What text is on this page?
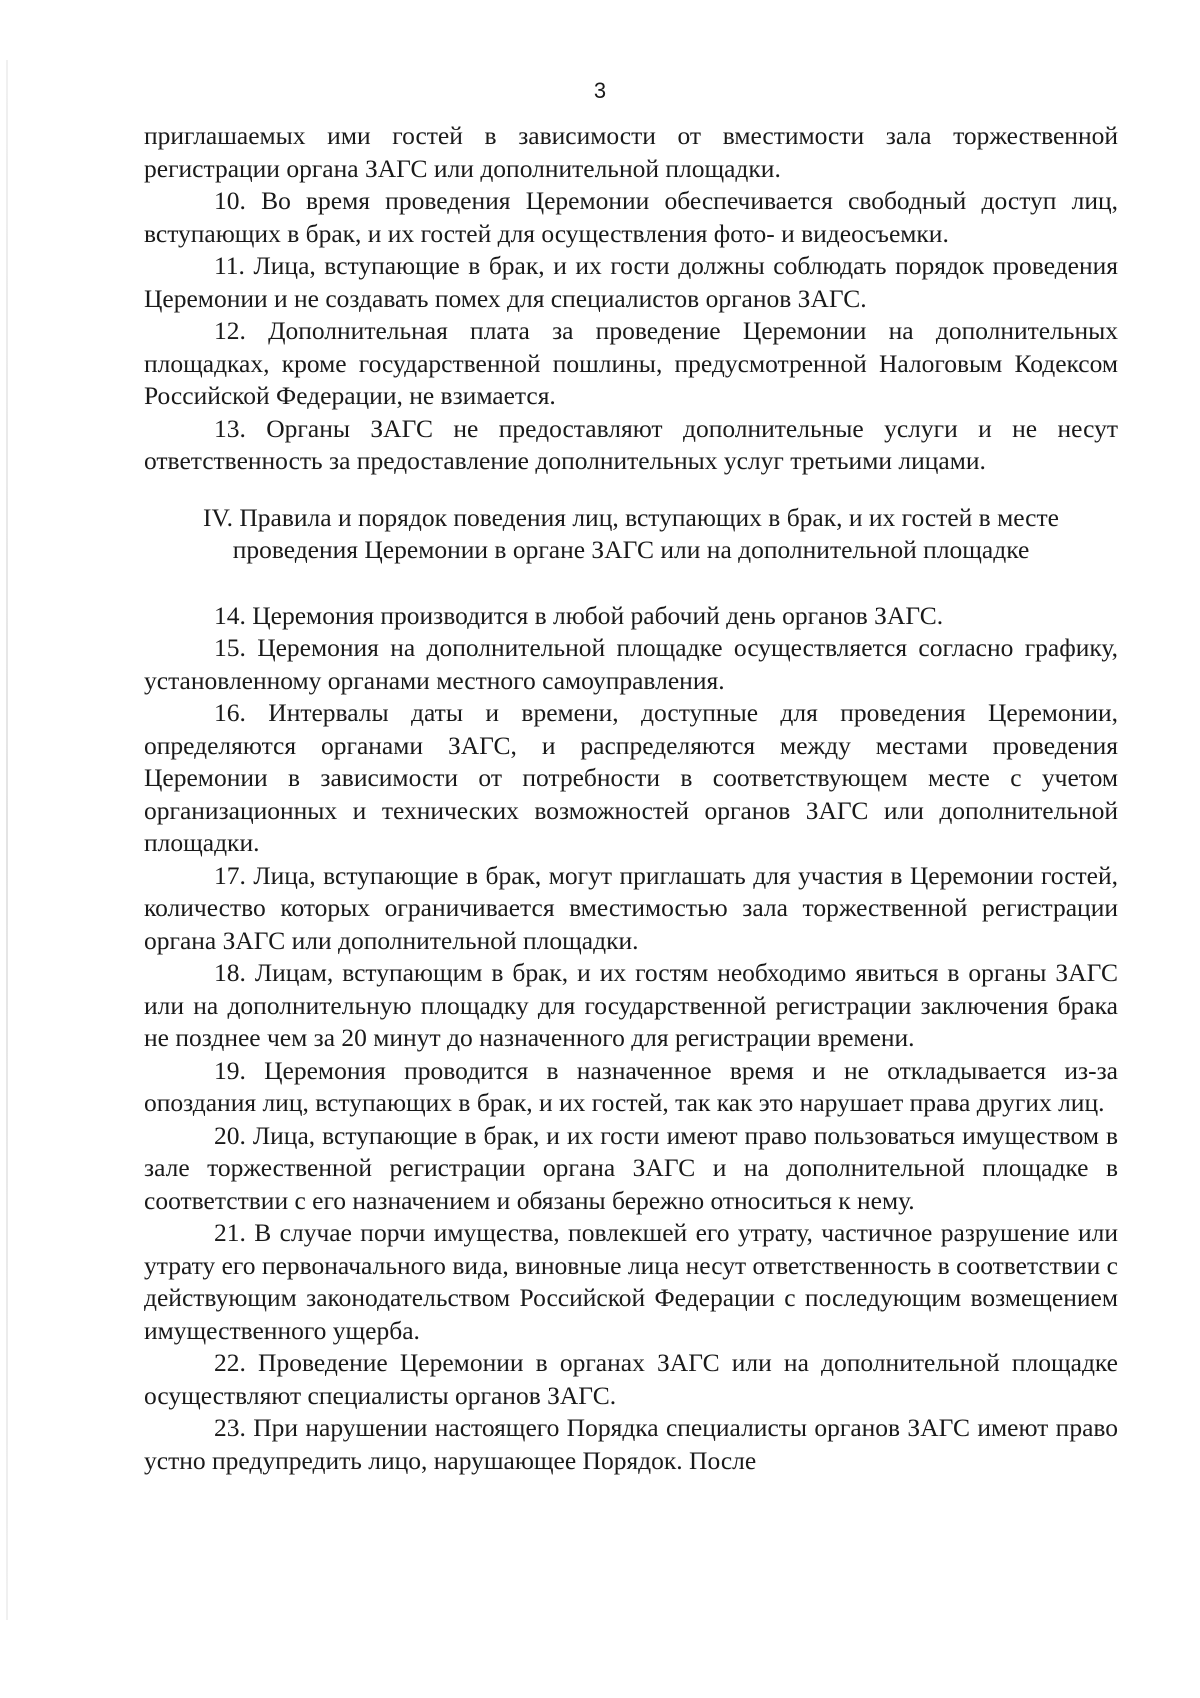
3

приглашаемых ими гостей в зависимости от вместимости зала торжественной регистрации органа ЗАГС или дополнительной площадки.

10. Во время проведения Церемонии обеспечивается свободный доступ лиц, вступающих в брак, и их гостей для осуществления фото- и видеосъемки.

11. Лица, вступающие в брак, и их гости должны соблюдать порядок проведения Церемонии и не создавать помех для специалистов органов ЗАГС.

12. Дополнительная плата за проведение Церемонии на дополнительных площадках, кроме государственной пошлины, предусмотренной Налоговым Кодексом Российской Федерации, не взимается.

13. Органы ЗАГС не предоставляют дополнительные услуги и не несут ответственность за предоставление дополнительных услуг третьими лицами.

IV. Правила и порядок поведения лиц, вступающих в брак, и их гостей в месте

проведения Церемонии в органе ЗАГС или на дополнительной площадке

14. Церемония производится в любой рабочий день органов ЗАГС.

15. Церемония на дополнительной площадке осуществляется согласно графику, установленному органами местного самоуправления.

16. Интервалы даты и времени, доступные для проведения Церемонии, определяются органами ЗАГС, и распределяются между местами проведения Церемонии в зависимости от потребности в соответствующем месте с учетом организационных и технических возможностей органов ЗАГС или дополнительной площадки.

17. Лица, вступающие в брак, могут приглашать для участия в Церемонии гостей, количество которых ограничивается вместимостью зала торжественной регистрации органа ЗАГС или дополнительной площадки.

18. Лицам, вступающим в брак, и их гостям необходимо явиться в органы ЗАГС или на дополнительную площадку для государственной регистрации заключения брака не позднее чем за 20 минут до назначенного для регистрации времени.

19. Церемония проводится в назначенное время и не откладывается из-за опоздания лиц, вступающих в брак, и их гостей, так как это нарушает права других лиц.

20. Лица, вступающие в брак, и их гости имеют право пользоваться имуществом в зале торжественной регистрации органа ЗАГС и на дополнительной площадке в соответствии с его назначением и обязаны бережно относиться к нему.

21. В случае порчи имущества, повлекшей его утрату, частичное разрушение или утрату его первоначального вида, виновные лица несут ответственность в соответствии с действующим законодательством Российской Федерации с последующим возмещением имущественного ущерба.

22. Проведение Церемонии в органах ЗАГС или на дополнительной площадке осуществляют специалисты органов ЗАГС.

23. При нарушении настоящего Порядка специалисты органов ЗАГС имеют право устно предупредить лицо, нарушающее Порядок. После
